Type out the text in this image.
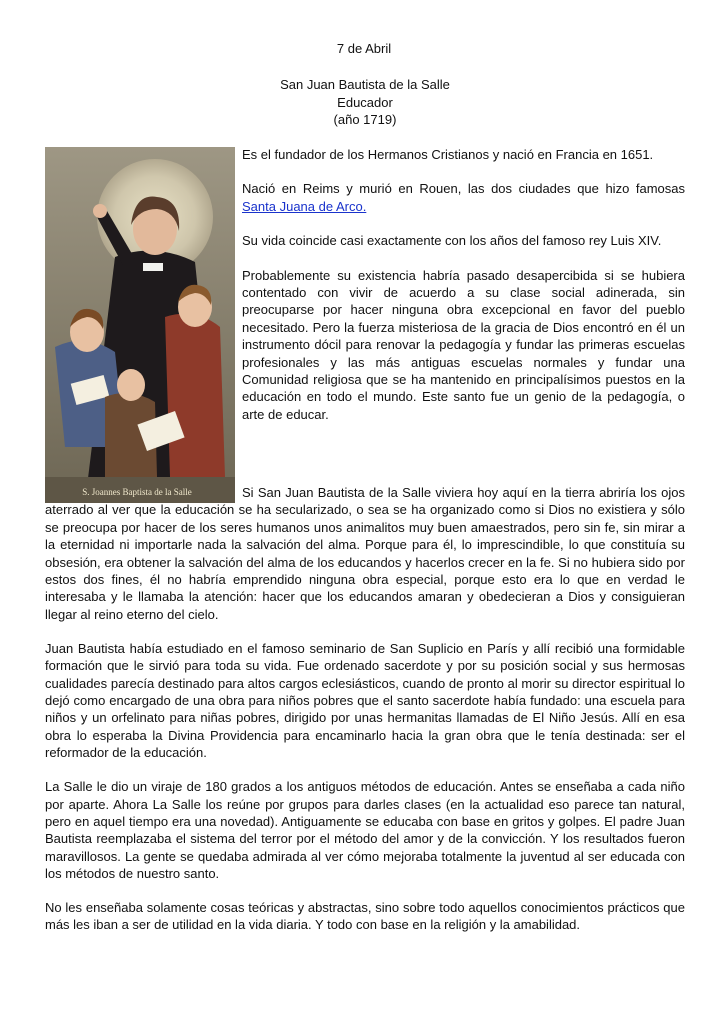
7 de Abril

San Juan Bautista de la Salle

Educador

(año 1719)

S. Joannes Baptista de la Salle

Es el fundador de los Hermanos Cristianos y nació en Francia en 1651.

Nació en Reims y murió en Rouen, las dos ciudades que hizo famosas Santa Juana de Arco.

Su vida coincide casi exactamente con los años del famoso rey Luis XIV.

Probablemente su existencia habría pasado desapercibida si se hubiera contentado con vivir de acuerdo a su clase social adinerada, sin preocuparse por hacer ninguna obra excepcional en favor del pueblo necesitado. Pero la fuerza misteriosa de la gracia de Dios encontró en él un instrumento dócil para renovar la pedagogía y fundar las primeras escuelas profesionales y las más antiguas escuelas normales y fundar una Comunidad religiosa que se ha mantenido en principalísimos puestos en la educación en todo el mundo. Este santo fue un genio de la pedagogía, o arte de educar.

Si San Juan Bautista de la Salle viviera hoy aquí en la tierra abriría los ojos aterrado al ver que la educación se ha secularizado, o sea se ha organizado como si Dios no existiera y sólo se preocupa por hacer de los seres humanos unos animalitos muy buen amaestrados, pero sin fe, sin mirar a la eternidad ni importarle nada la salvación del alma. Porque para él, lo imprescindible, lo que constituía su obsesión, era obtener la salvación del alma de los educandos y hacerlos crecer en la fe. Si no hubiera sido por estos dos fines, él no habría emprendido ninguna obra especial, porque esto era lo que en verdad le interesaba y le llamaba la atención: hacer que los educandos amaran y obedecieran a Dios y consiguieran llegar al reino eterno del cielo.

Juan Bautista había estudiado en el famoso seminario de San Suplicio en París y allí recibió una formidable formación que le sirvió para toda su vida. Fue ordenado sacerdote y por su posición social y sus hermosas cualidades parecía destinado para altos cargos eclesiásticos, cuando de pronto al morir su director espiritual lo dejó como encargado de una obra para niños pobres que el santo sacerdote había fundado: una escuela para niños y un orfelinato para niñas pobres, dirigido por unas hermanitas llamadas de El Niño Jesús. Allí en esa obra lo esperaba la Divina Providencia para encaminarlo hacia la gran obra que le tenía destinada: ser el reformador de la educación.

La Salle le dio un viraje de 180 grados a los antiguos métodos de educación. Antes se enseñaba a cada niño por aparte. Ahora La Salle los reúne por grupos para darles clases (en la actualidad eso parece tan natural, pero en aquel tiempo era una novedad). Antiguamente se educaba con base en gritos y golpes. El padre Juan Bautista reemplazaba el sistema del terror por el método del amor y de la convicción. Y los resultados fueron maravillosos. La gente se quedaba admirada al ver cómo mejoraba totalmente la juventud al ser educada con los métodos de nuestro santo.

No les enseñaba solamente cosas teóricas y abstractas, sino sobre todo aquellos conocimientos prácticos que más les iban a ser de utilidad en la vida diaria. Y todo con base en la religión y la amabilidad.
